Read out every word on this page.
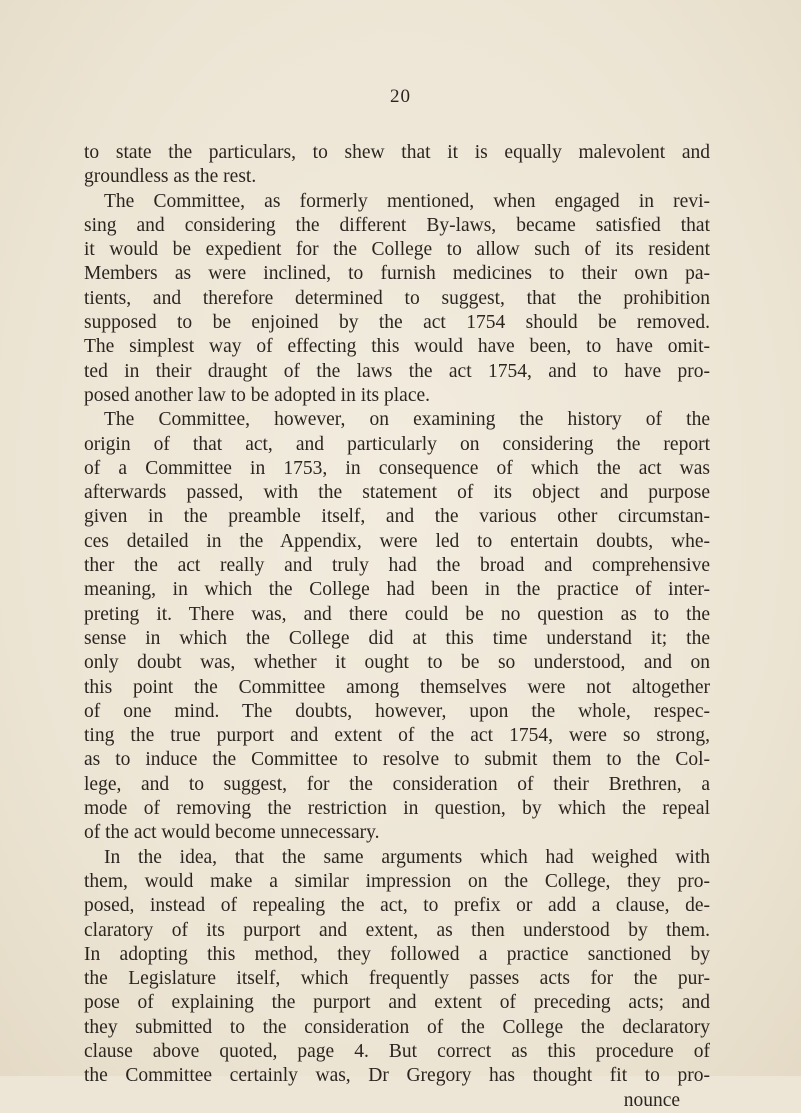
20
to state the particulars, to shew that it is equally malevolent and
groundless as the rest.
The Committee, as formerly mentioned, when engaged in revi-
sing and considering the different By-laws, became satisfied that
it would be expedient for the College to allow such of its resident
Members as were inclined, to furnish medicines to their own pa-
tients, and therefore determined to suggest, that the prohibition
supposed to be enjoined by the act 1754 should be removed.
The simplest way of effecting this would have been, to have omit-
ted in their draught of the laws the act 1754, and to have pro-
posed another law to be adopted in its place.
The Committee, however, on examining the history of the
origin of that act, and particularly on considering the report
of a Committee in 1753, in consequence of which the act was
afterwards passed, with the statement of its object and purpose
given in the preamble itself, and the various other circumstan-
ces detailed in the Appendix, were led to entertain doubts, whe-
ther the act really and truly had the broad and comprehensive
meaning, in which the College had been in the practice of inter-
preting it. There was, and there could be no question as to the
sense in which the College did at this time understand it; the
only doubt was, whether it ought to be so understood, and on
this point the Committee among themselves were not altogether
of one mind. The doubts, however, upon the whole, respec-
ting the true purport and extent of the act 1754, were so strong,
as to induce the Committee to resolve to submit them to the Col-
lege, and to suggest, for the consideration of their Brethren, a
mode of removing the restriction in question, by which the repeal
of the act would become unnecessary.
In the idea, that the same arguments which had weighed with
them, would make a similar impression on the College, they pro-
posed, instead of repealing the act, to prefix or add a clause, de-
claratory of its purport and extent, as then understood by them.
In adopting this method, they followed a practice sanctioned by
the Legislature itself, which frequently passes acts for the pur-
pose of explaining the purport and extent of preceding acts; and
they submitted to the consideration of the College the declaratory
clause above quoted, page 4. But correct as this procedure of
the Committee certainly was, Dr Gregory has thought fit to pro-
nounce
